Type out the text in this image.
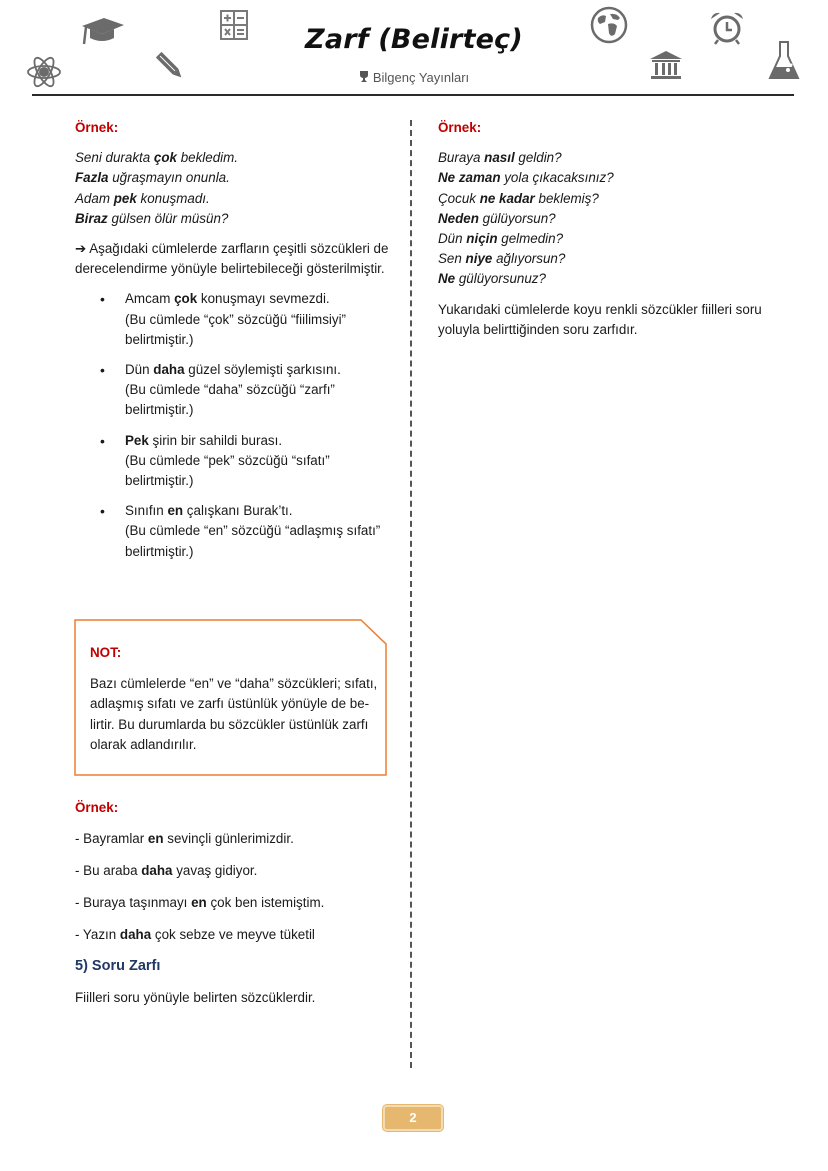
Zarf (Belirteç)
Bilgenç Yayınları
Örnek:
Seni durakta çok bekledim.
Fazla uğraşmayın onunla.
Adam pek konuşmadı.
Biraz gülsen ölür müsün?
➔ Aşağıdaki cümlelerde zarfların çeşitli sözcükleri de derecelendirme yönüyle belirtebileceği gösterilmiştir.
• Amcam çok konuşmayı sevmezdi.
(Bu cümlede “çok” sözcüğü “fiilimsiyi” belirtmiştir.)
• Dün daha güzel söylemişti şarkısını.
(Bu cümlede “daha” sözcüğü “zarfı” belirtmiştir.)
• Pek şirin bir sahildi burası.
(Bu cümlede “pek” sözcüğü “sıfatı” belirtmiştir.)
• Sınıfın en çalışkanı Burak’tı.
(Bu cümlede “en” sözcüğü “adlaşmış sıfatı” belirtmiştir.)
NOT:
Bazı cümlelerde “en” ve “daha” sözcükleri; sıfatı, adlaşmış sıfatı ve zarfı üstünlük yönüyle de be-lirtir. Bu durumlarda bu sözcükler üstünlük zarfı olarak adlandırılır.
Örnek:
- Bayramlar en sevinçli günlerimizdir.
- Bu araba daha yavaş gidiyor.
- Buraya taşınmayı en çok ben istemiştim.
- Yazın daha çok sebze ve meyve tüketil
5) Soru Zarfı
Fiilleri soru yönüyle belirten sözcüklerdir.
Örnek:
Buraya nasıl geldin?
Ne zaman yola çıkacaksınız?
Çocuk ne kadar beklemiş?
Neden gülüyorsun?
Dün niçin gelmedin?
Sen niye ağlıyorsun?
Ne gülüyorsunuz?
Yukarıdaki cümlelerde koyu renkli sözcükler fiilleri soru yoluyla belirttiğinden soru zarfıdır.
2
